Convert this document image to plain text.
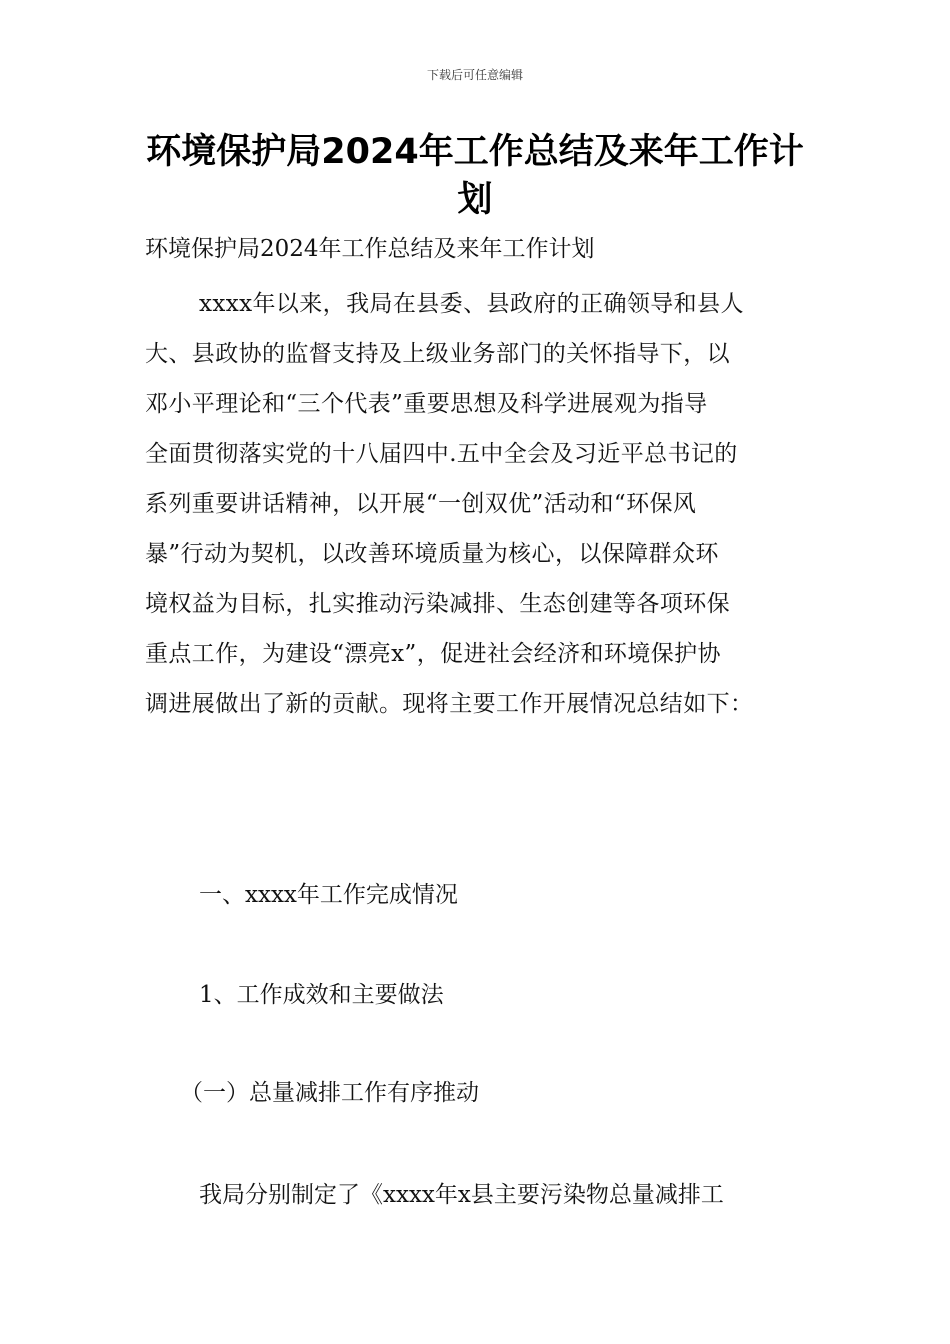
下载后可任意编辑
环境保护局2024年工作总结及来年工作计划
环境保护局2024年工作总结及来年工作计划
xxxx年以来，我局在县委、县政府的正确领导和县人
大、县政协的监督支持及上级业务部门的关怀指导下，以
邓小平理论和“三个代表”重要思想及科学进展观为指导
全面贯彻落实党的十八届四中.五中全会及习近平总书记的
系列重要讲话精神，以开展“一创双优”活动和“环保风
暴”行动为契机，以改善环境质量为核心，以保障群众环
境权益为目标，扎实推动污染减排、生态创建等各项环保
重点工作，为建设“漂亮x”，促进社会经济和环境保护协
调进展做出了新的贡献。现将主要工作开展情况总结如下：
一、xxxx年工作完成情况
1、工作成效和主要做法
（一）总量减排工作有序推动
我局分别制定了《xxxx年x县主要污染物总量减排工
